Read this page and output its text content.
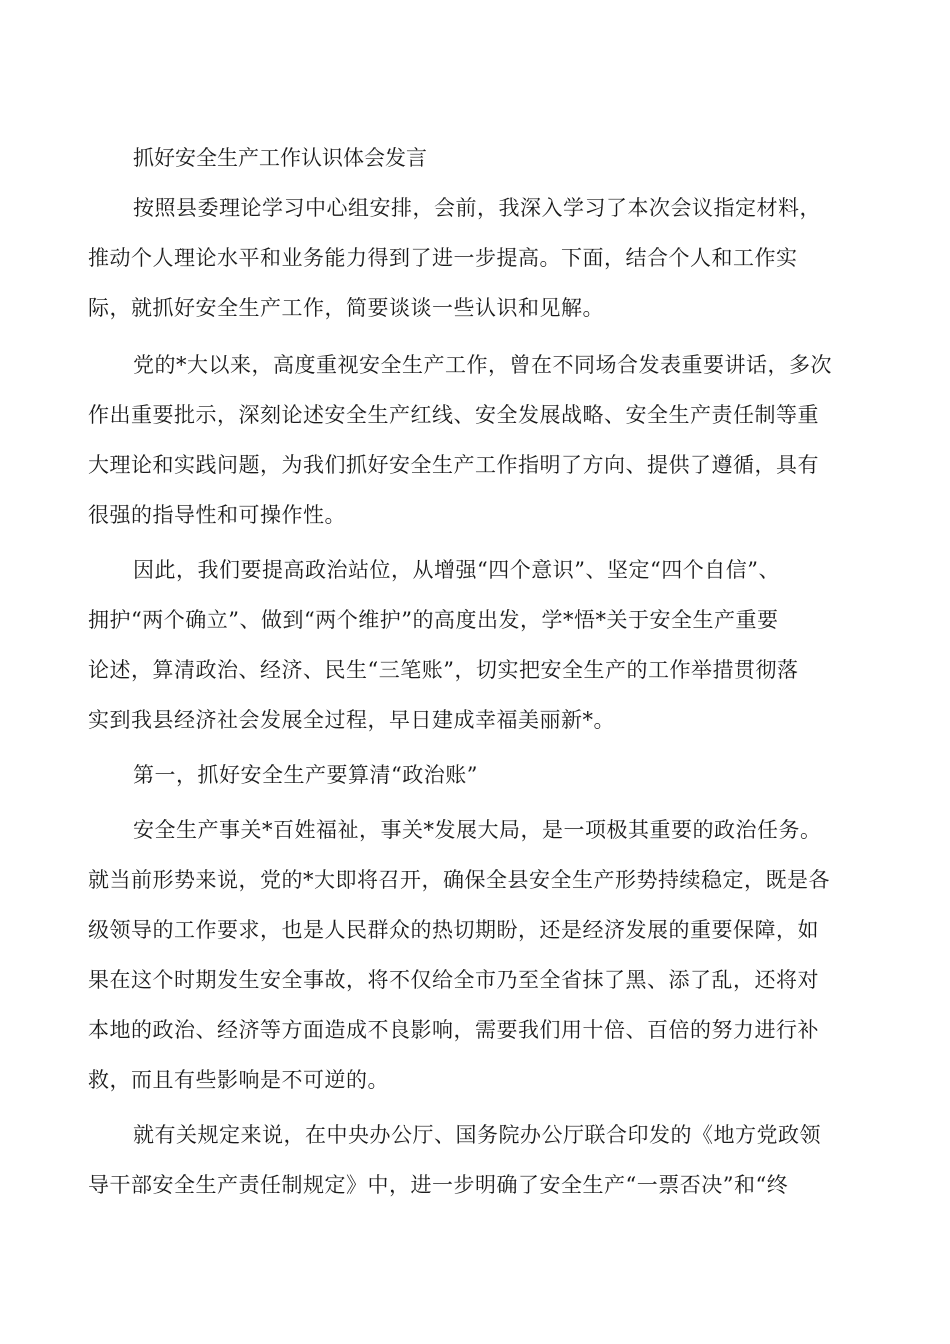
抓好安全生产工作认识体会发言
按照县委理论学习中心组安排，会前，我深入学习了本次会议指定材料，
推动个人理论水平和业务能力得到了进一步提高。下面，结合个人和工作实
际，就抓好安全生产工作，简要谈谈一些认识和见解。
党的*大以来，高度重视安全生产工作，曾在不同场合发表重要讲话，多次
作出重要批示，深刻论述安全生产红线、安全发展战略、安全生产责任制等重
大理论和实践问题，为我们抓好安全生产工作指明了方向、提供了遵循，具有
很强的指导性和可操作性。
因此，我们要提高政治站位，从增强“四个意识”、坚定“四个自信”、
拥护“两个确立”、做到“两个维护”的高度出发，学*悟*关于安全生产重要
论述，算清政治、经济、民生“三笔账”，切实把安全生产的工作举措贯彻落
实到我县经济社会发展全过程，早日建成幸福美丽新*。
第一，抓好安全生产要算清“政治账”
安全生产事关*百姓福祉，事关*发展大局，是一项极其重要的政治任务。
就当前形势来说，党的*大即将召开，确保全县安全生产形势持续稳定，既是各
级领导的工作要求，也是人民群众的热切期盼，还是经济发展的重要保障，如
果在这个时期发生安全事故，将不仅给全市乃至全省抹了黑、添了乱，还将对
本地的政治、经济等方面造成不良影响，需要我们用十倍、百倍的努力进行补
救，而且有些影响是不可逆的。
就有关规定来说，在中央办公厅、国务院办公厅联合印发的《地方党政领
导干部安全生产责任制规定》中，进一步明确了安全生产“一票否决”和“终
